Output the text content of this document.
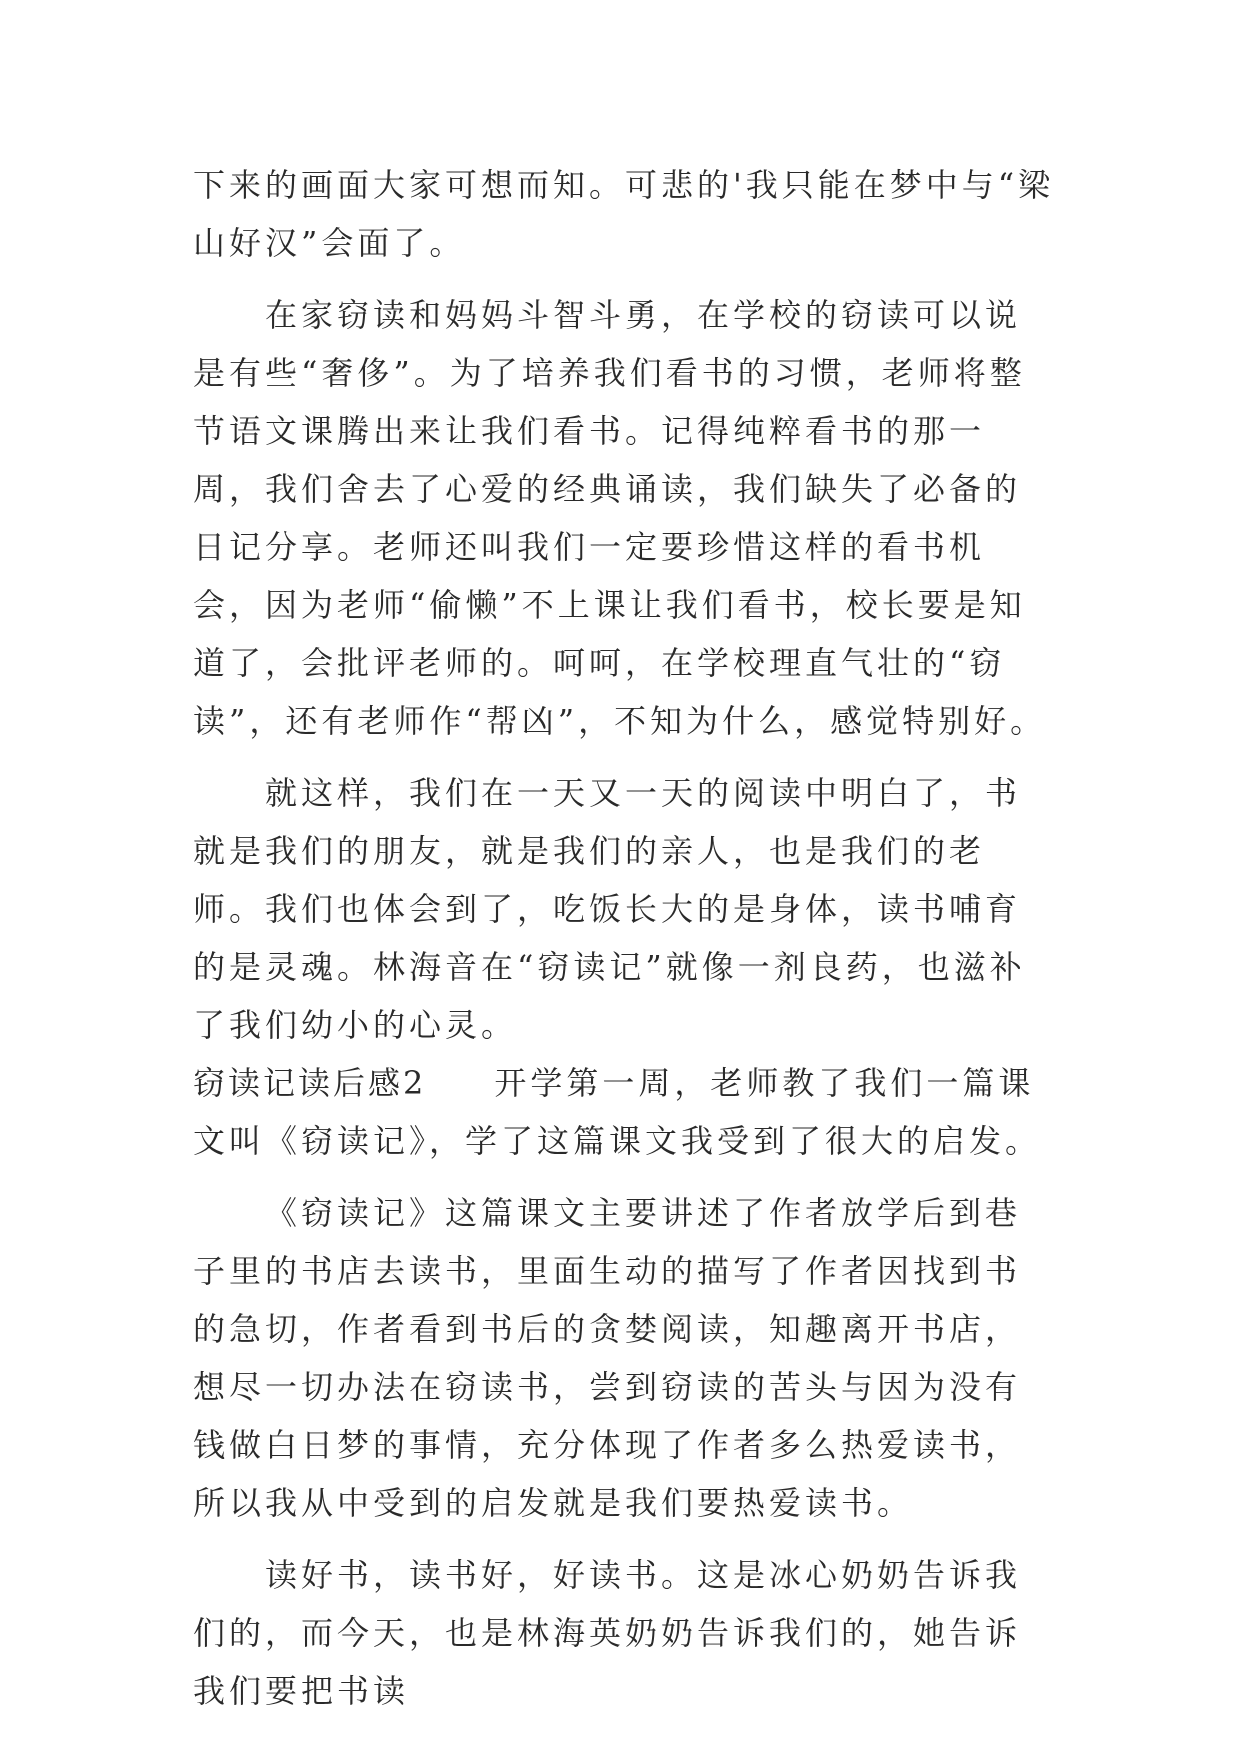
下来的画面大家可想而知。可悲的'我只能在梦中与“梁山好汉”会面了。

在家窃读和妈妈斗智斗勇，在学校的窃读可以说是有些“奢侈”。为了培养我们看书的习惯，老师将整节语文课腾出来让我们看书。记得纯粹看书的那一周，我们舍去了心爱的经典诵读，我们缺失了必备的日记分享。老师还叫我们一定要珍惜这样的看书机会，因为老师“偷懒”不上课让我们看书，校长要是知道了，会批评老师的。呵呵，在学校理直气壮的“窃读”，还有老师作“帮凶”，不知为什么，感觉特别好。

就这样，我们在一天又一天的阅读中明白了，书就是我们的朋友，就是我们的亲人，也是我们的老师。我们也体会到了，吃饭长大的是身体，读书哺育的是灵魂。林海音在“窃读记”就像一剂良药，也滋补了我们幼小的心灵。

窃读记读后感2 开学第一周，老师教了我们一篇课文叫《窃读记》，学了这篇课文我受到了很大的启发。

《窃读记》这篇课文主要讲述了作者放学后到巷子里的书店去读书，里面生动的描写了作者因找到书的急切，作者看到书后的贪婪阅读，知趣离开书店，想尽一切办法在窃读书，尝到窃读的苦头与因为没有钱做白日梦的事情，充分体现了作者多么热爱读书，所以我从中受到的启发就是我们要热爱读书。

读好书，读书好，好读书。这是冰心奶奶告诉我们的，而今天，也是林海英奶奶告诉我们的，她告诉我们要把书读
